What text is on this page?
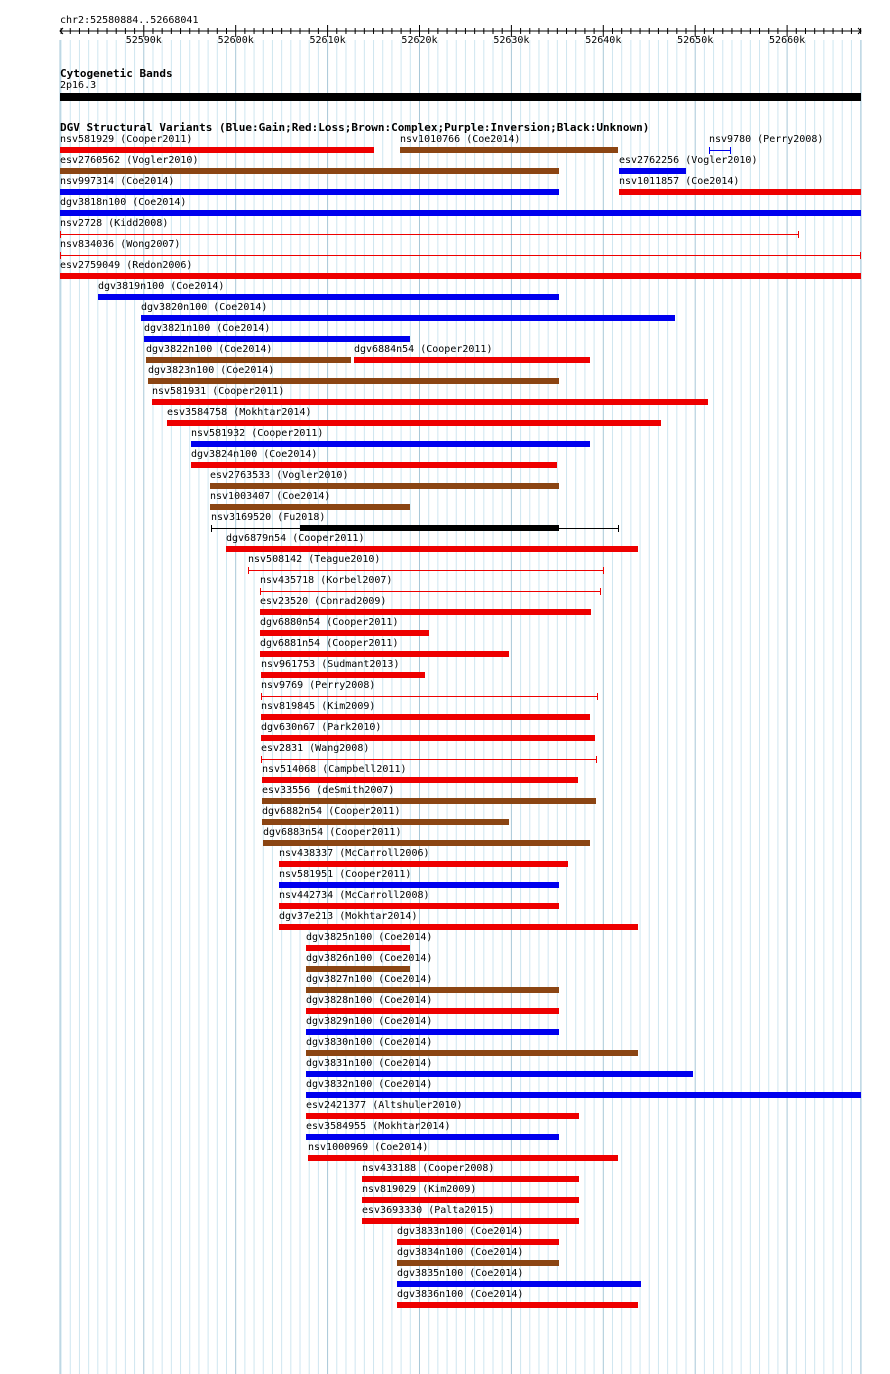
chr2:52580884..52668041
52590k	52600k	52610k	52620k	52630k	52640k	52650k	52660k
Cytogenetic Bands
2p16.3
DGV Structural Variants (Blue:Gain;Red:Loss;Brown:Complex;Purple:Inversion;Black:Unknown)
nsv581929 (Cooper2011)	nsv1010766 (Coe2014)	nsv9780 (Perry2008)
esv2760562 (Vogler2010)	esv2762256 (Vogler2010)
nsv997314 (Coe2014)	nsv1011857 (Coe2014)
dgv3818n100 (Coe2014)
nsv2728 (Kidd2008)
nsv834036 (Wong2007)
esv2759049 (Redon2006)
dgv3819n100 (Coe2014)
dgv3820n100 (Coe2014)
dgv3821n100 (Coe2014)
dgv3822n100 (Coe2014)	dgv6884n54 (Cooper2011)
dgv3823n100 (Coe2014)
nsv581931 (Cooper2011)
esv3584758 (Mokhtar2014)
nsv581932 (Cooper2011)
dgv3824n100 (Coe2014)
esv2763533 (Vogler2010)
nsv1003407 (Coe2014)
nsv3169520 (Fu2018)
dgv6879n54 (Cooper2011)
nsv508142 (Teague2010)
nsv435718 (Korbel2007)
esv23520 (Conrad2009)
dgv6880n54 (Cooper2011)
dgv6881n54 (Cooper2011)
nsv961753 (Sudmant2013)
nsv9769 (Perry2008)
nsv819845 (Kim2009)
dgv630n67 (Park2010)
esv2831 (Wang2008)
nsv514068 (Campbell2011)
esv33556 (deSmith2007)
dgv6882n54 (Cooper2011)
dgv6883n54 (Cooper2011)
nsv438337 (McCarroll2006)
nsv581951 (Cooper2011)
nsv442734 (McCarroll2008)
dgv37e213 (Mokhtar2014)
dgv3825n100 (Coe2014)
dgv3826n100 (Coe2014)
dgv3827n100 (Coe2014)
dgv3828n100 (Coe2014)
dgv3829n100 (Coe2014)
dgv3830n100 (Coe2014)
dgv3831n100 (Coe2014)
dgv3832n100 (Coe2014)
esv2421377 (Altshuler2010)
esv3584955 (Mokhtar2014)
nsv1000969 (Coe2014)
nsv433188 (Cooper2008)
nsv819029 (Kim2009)
esv3693330 (Palta2015)
dgv3833n100 (Coe2014)
dgv3834n100 (Coe2014)
dgv3835n100 (Coe2014)
dgv3836n100 (Coe2014)
